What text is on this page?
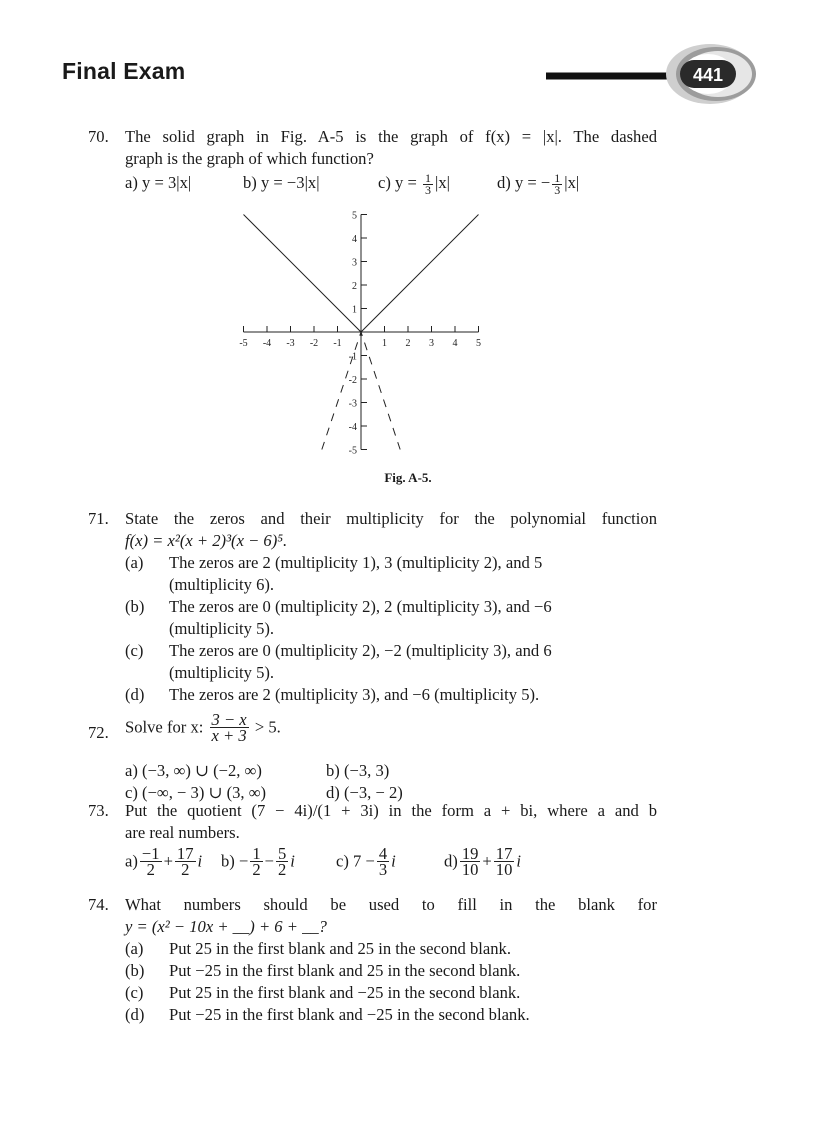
Final Exam	441
70. The solid graph in Fig. A-5 is the graph of f(x) = |x|. The dashed
graph is the graph of which function?
a) y = 3|x|	b) y = −3|x|	c) $y = \frac{1}{3} |x|$	d) y = − $\frac{1}{3} |x|$
-5 -4 -3 -2 -1	1 2 3 4 5
5
4
3
2
1
-1
-2
-3
-4
-5
Fig. A-5.
71. State the zeros and their multiplicity for the polynomial function
f(x) = x²(x + 2)³(x − 6)⁵.
(a) The zeros are 2 (multiplicity 1), 3 (multiplicity 2), and 5
(multiplicity 6).
(b) The zeros are 0 (multiplicity 2), 2 (multiplicity 3), and −6
(multiplicity 5).
(c) The zeros are 0 (multiplicity 2), −2 (multiplicity 3), and 6
(multiplicity 5).
(d) The zeros are 2 (multiplicity 3), and −6 (multiplicity 5).
72. Solve for x: $\frac{3 - x}{x + 3} > 5$.
a) (−3, ∞) ∪ (−2, ∞)	b) (−3, 3)
c) (−∞, − 3) ∪ (3, ∞)	d) (−3, − 2)
73. Put the quotient (7 − 4i)/(1 + 3i) in the form a + bi, where a and b
are real numbers.
$a) \frac{-1}{2} + \frac{17}{2}$ i $b) - \frac{1}{2} - \frac{5}{2}$ i c) $7 - \frac{4}{3}$ i	$d) \frac{19}{10} + \frac{17}{10}$ i
74. What numbers should be used to fill in the blank for
y = (x² − 10x + __) + 6 + __?
(a) Put 25 in the first blank and 25 in the second blank.
(b) Put −25 in the first blank and 25 in the second blank.
(c) Put 25 in the first blank and −25 in the second blank.
(d) Put −25 in the first blank and −25 in the second blank.
